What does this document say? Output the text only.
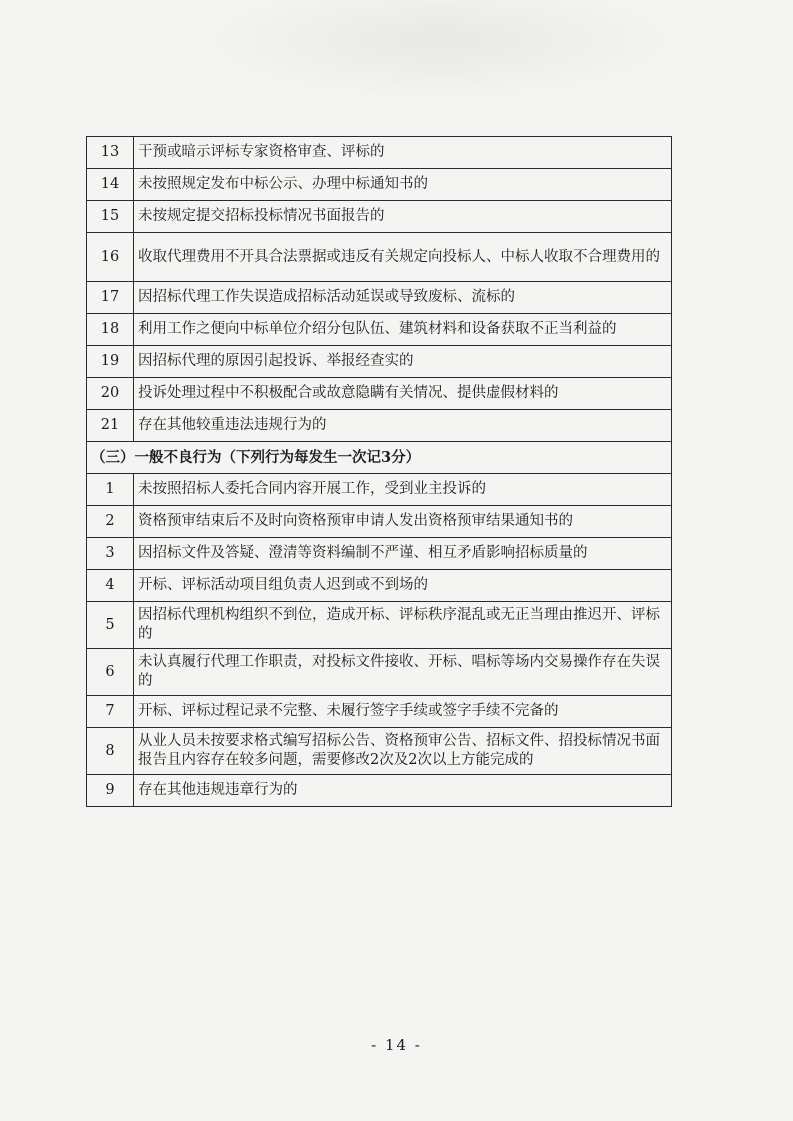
13	干预或暗示评标专家资格审查、评标的
14	未按照规定发布中标公示、办理中标通知书的
15	未按规定提交招标投标情况书面报告的
16	收取代理费用不开具合法票据或违反有关规定向投标人、中标人收取不合理费用的
17	因招标代理工作失误造成招标活动延误或导致废标、流标的
18	利用工作之便向中标单位介绍分包队伍、建筑材料和设备获取不正当利益的
19	因招标代理的原因引起投诉、举报经查实的
20	投诉处理过程中不积极配合或故意隐瞒有关情况、提供虚假材料的
21	存在其他较重违法违规行为的
（三）一般不良行为（下列行为每发生一次记3分）	
1	未按照招标人委托合同内容开展工作，受到业主投诉的
2	资格预审结束后不及时向资格预审申请人发出资格预审结果通知书的
3	因招标文件及答疑、澄清等资料编制不严谨、相互矛盾影响招标质量的
4	开标、评标活动项目组负责人迟到或不到场的
5	因招标代理机构组织不到位，造成开标、评标秩序混乱或无正当理由推迟开、评标的
6	未认真履行代理工作职责，对投标文件接收、开标、唱标等场内交易操作存在失误的
7	开标、评标过程记录不完整、未履行签字手续或签字手续不完备的
8	从业人员未按要求格式编写招标公告、资格预审公告、招标文件、招投标情况书面报告且内容存在较多问题，需要修改2次及2次以上方能完成的
9	存在其他违规违章行为的
- 14 -
